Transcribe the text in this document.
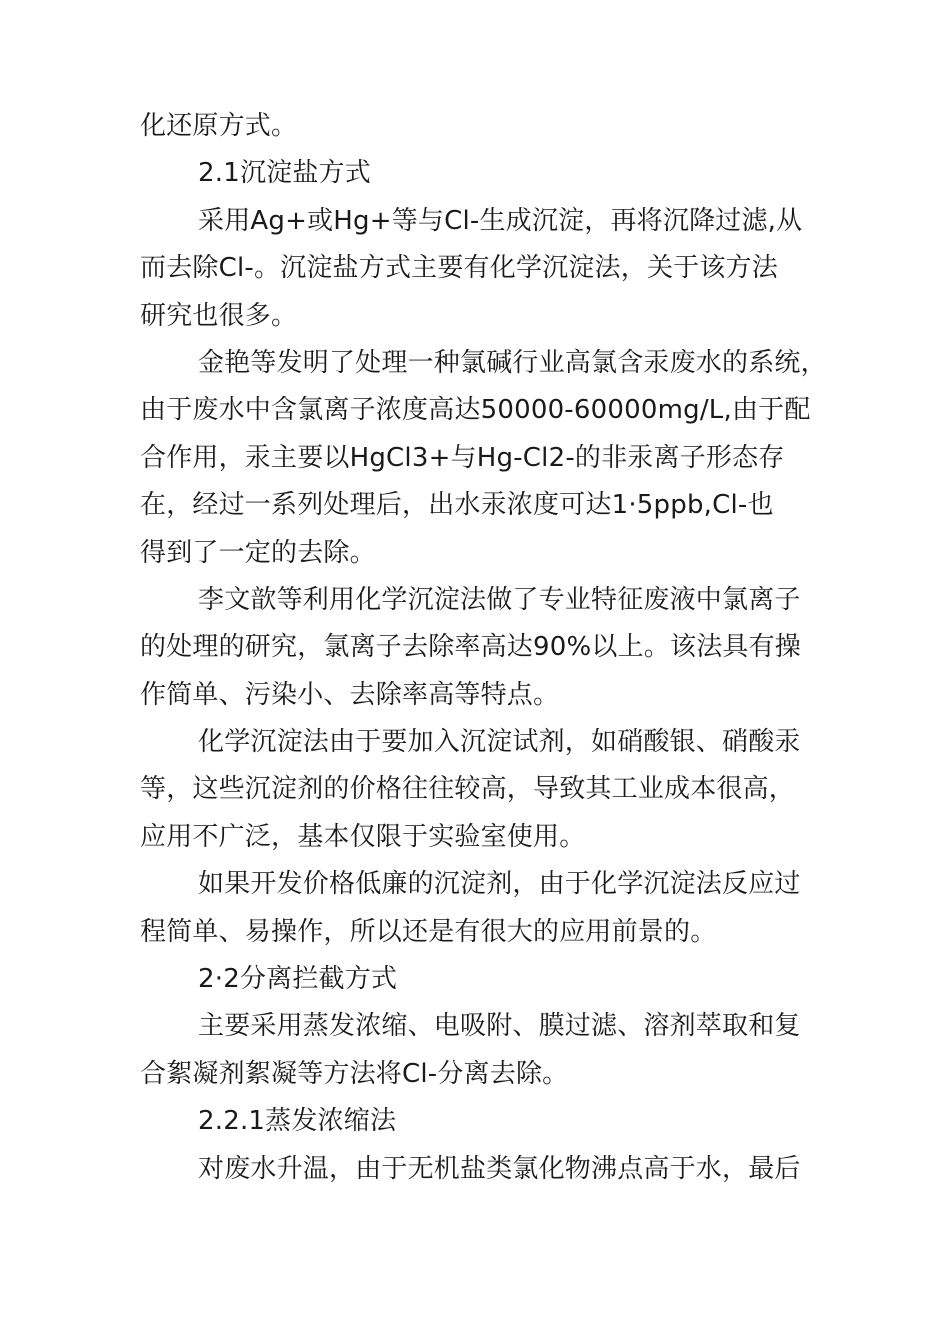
化还原方式。
2.1沉淀盐方式
采用Ag+或Hg+等与Cl-生成沉淀，再将沉降过滤,从
而去除Cl-。沉淀盐方式主要有化学沉淀法，关于该方法
研究也很多。
金艳等发明了处理一种氯碱行业高氯含汞废水的系统，
由于废水中含氯离子浓度高达50000-60000mg/L,由于配
合作用，汞主要以HgCl3+与Hg-Cl2-的非汞离子形态存
在，经过一系列处理后，出水汞浓度可达1·5ppb,Cl-也
得到了一定的去除。
李文歆等利用化学沉淀法做了专业特征废液中氯离子
的处理的研究，氯离子去除率高达90%以上。该法具有操
作简单、污染小、去除率高等特点。
化学沉淀法由于要加入沉淀试剂，如硝酸银、硝酸汞
等，这些沉淀剂的价格往往较高，导致其工业成本很高，
应用不广泛，基本仅限于实验室使用。
如果开发价格低廉的沉淀剂，由于化学沉淀法反应过
程简单、易操作，所以还是有很大的应用前景的。
2·2分离拦截方式
主要采用蒸发浓缩、电吸附、膜过滤、溶剂萃取和复
合絮凝剂絮凝等方法将Cl-分离去除。
2.2.1蒸发浓缩法
对废水升温，由于无机盐类氯化物沸点高于水，最后
